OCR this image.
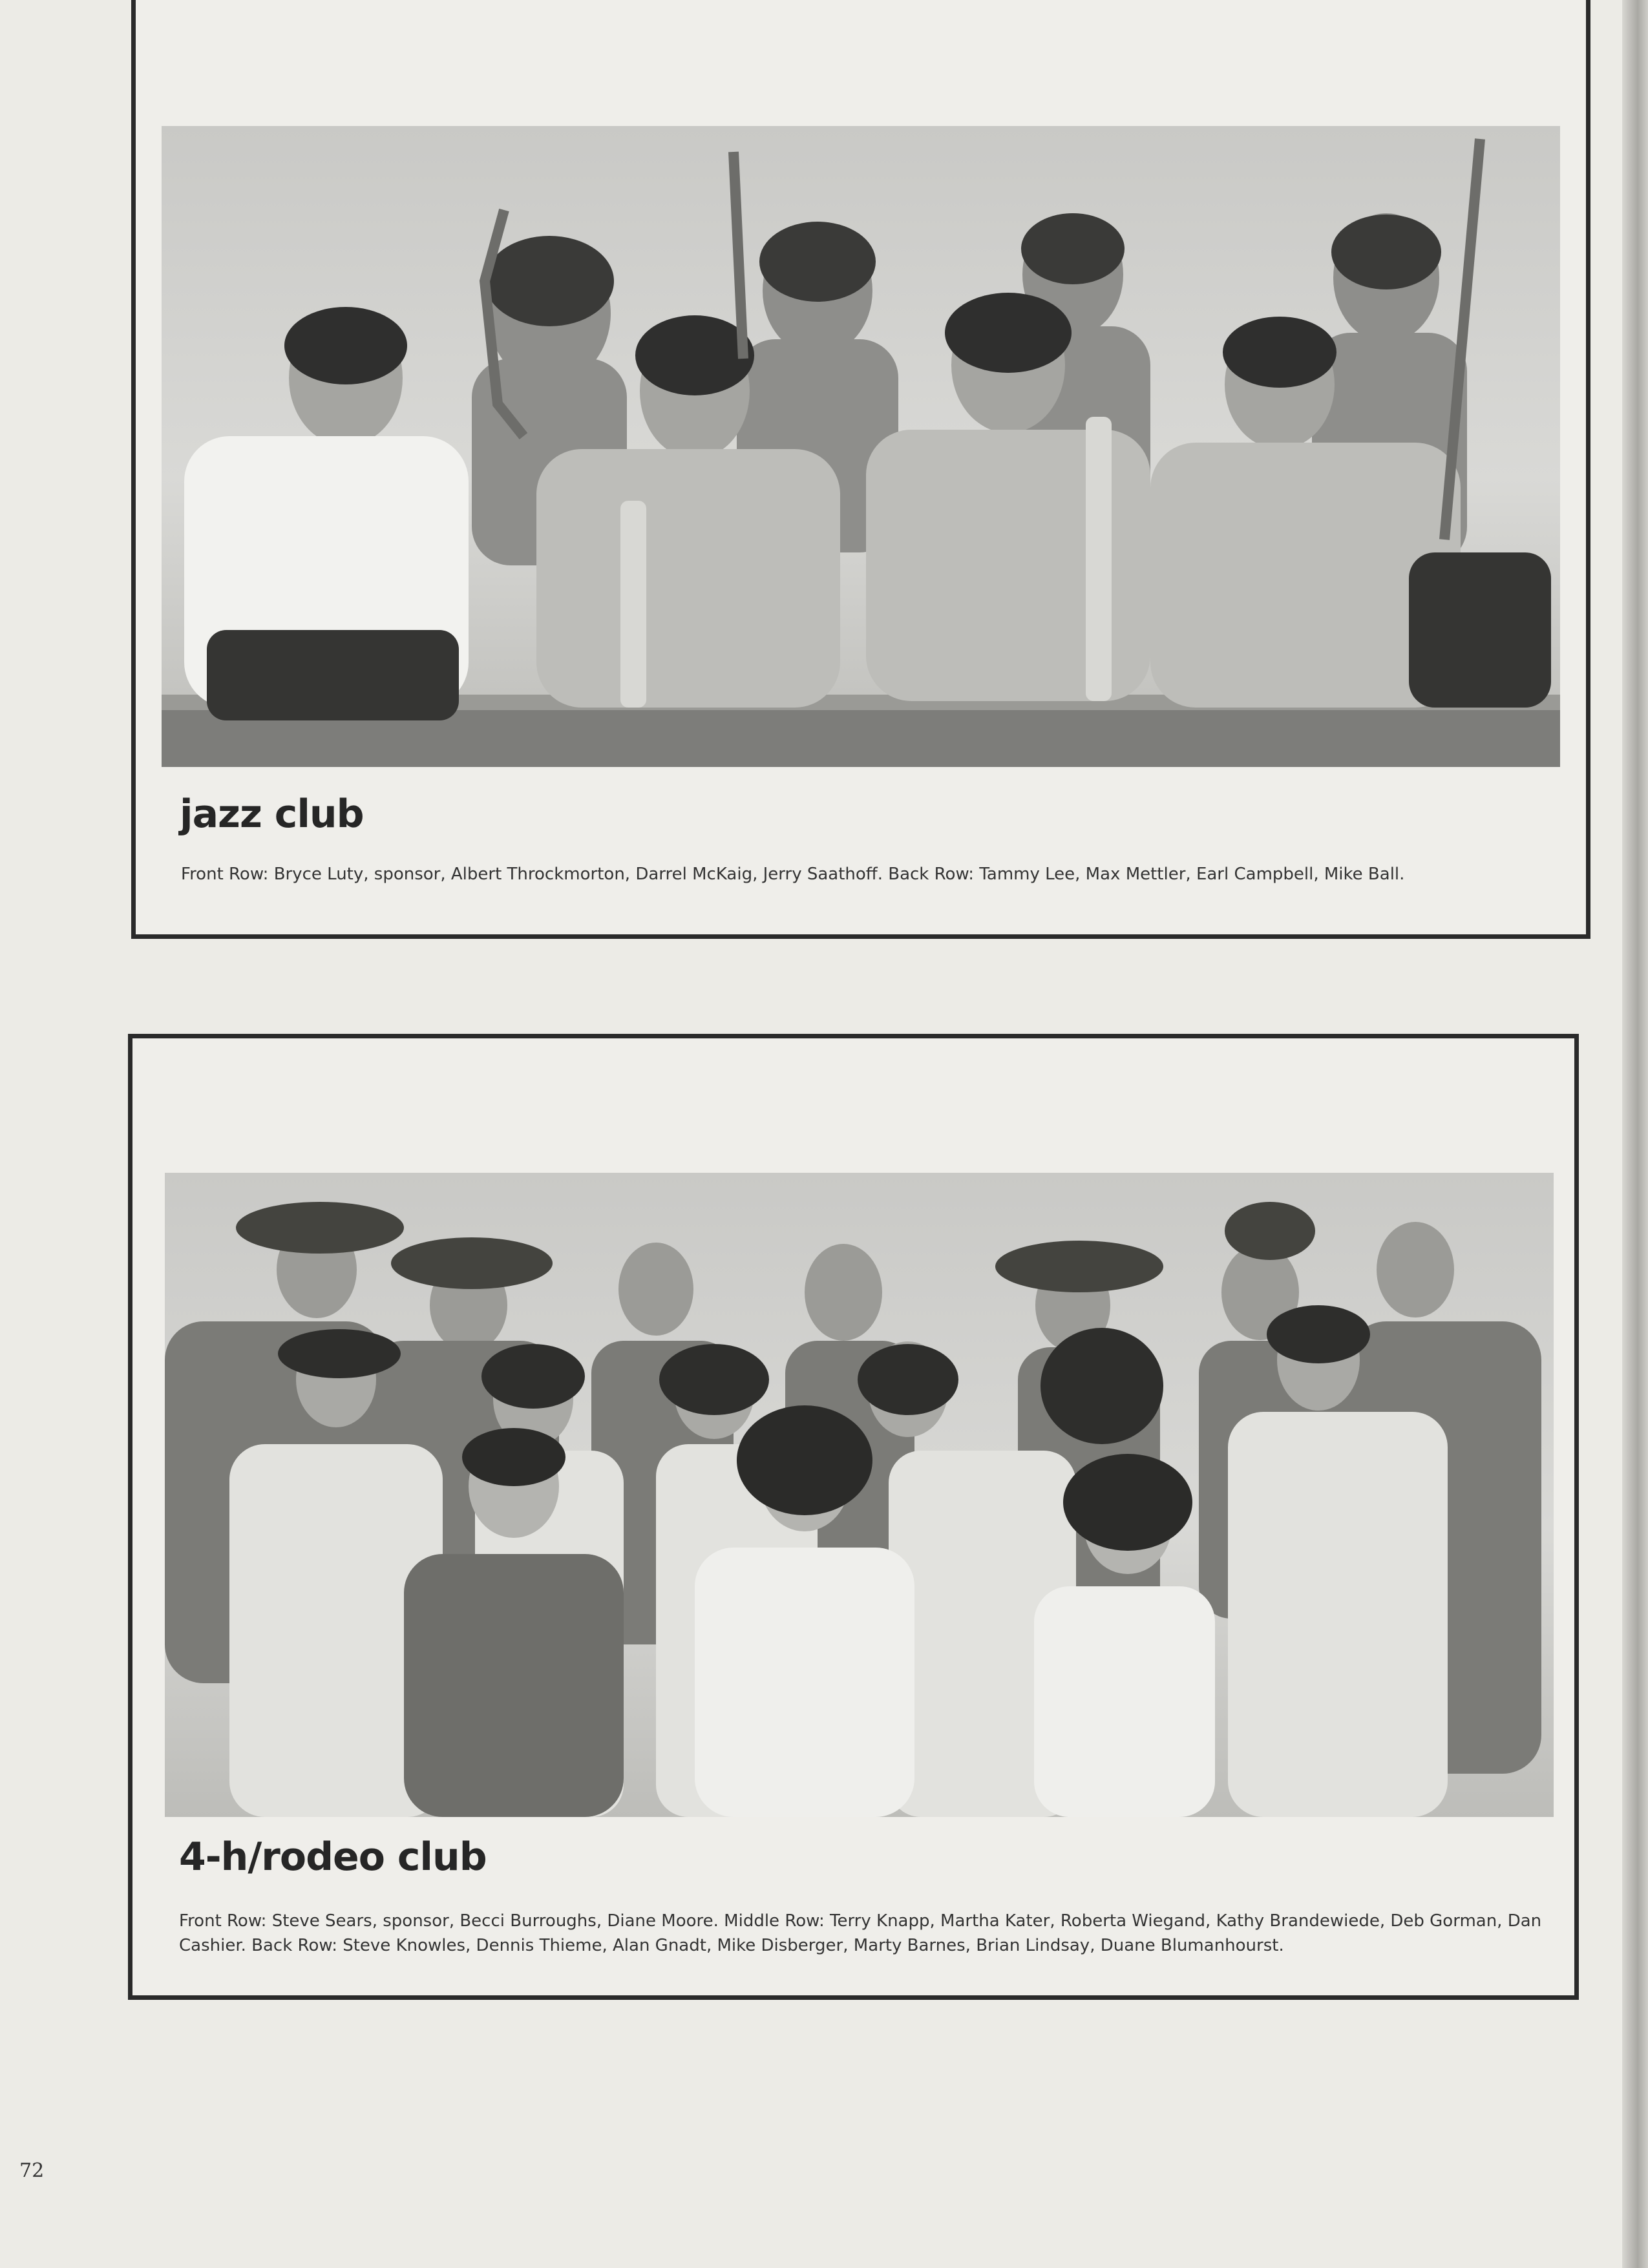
jazz club

Front Row: Bryce Luty, sponsor, Albert Throckmorton, Darrel McKaig, Jerry Saathoff. Back Row: Tammy Lee, Max Mettler, Earl Campbell, Mike Ball.

4-h/rodeo club

Front Row: Steve Sears, sponsor, Becci Burroughs, Diane Moore. Middle Row: Terry Knapp, Martha Kater, Roberta Wiegand, Kathy Brandewiede, Deb Gorman, Dan Cashier. Back Row: Steve Knowles, Dennis Thieme, Alan Gnadt, Mike Disberger, Marty Barnes, Brian Lindsay, Duane Blumanhourst.

72
